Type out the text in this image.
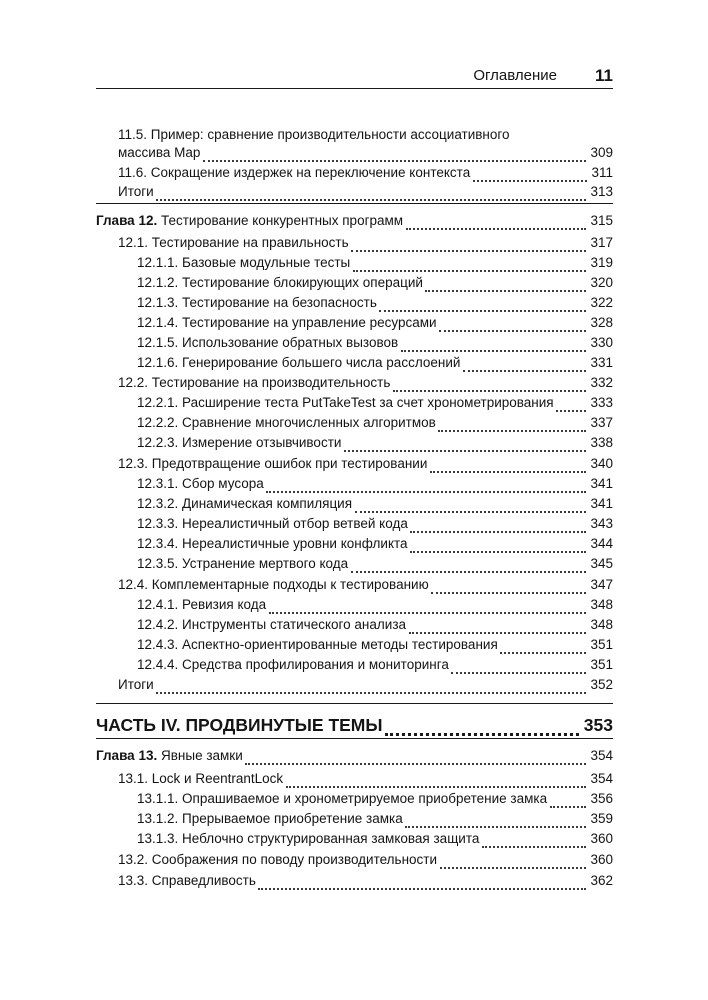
Оглавление 11
11.5. Пример: сравнение производительности ассоциативного
массива Map	309
11.6. Сокращение издержек на переключение контекста	311
Итоги	313
Глава 12. Тестирование конкурентных программ	315
12.1. Тестирование на правильность	317
12.1.1. Базовые модульные тесты	319
12.1.2. Тестирование блокирующих операций	320
12.1.3. Тестирование на безопасность	322
12.1.4. Тестирование на управление ресурсами	328
12.1.5. Использование обратных вызовов	330
12.1.6. Генерирование большего числа расслоений	331
12.2. Тестирование на производительность	332
12.2.1. Расширение теста PutTakeTest за счет хронометрирования	333
12.2.2. Сравнение многочисленных алгоритмов	337
12.2.3. Измерение отзывчивости	338
12.3. Предотвращение ошибок при тестировании	340
12.3.1. Сбор мусора	341
12.3.2. Динамическая компиляция	341
12.3.3. Нереалистичный отбор ветвей кода	343
12.3.4. Нереалистичные уровни конфликта	344
12.3.5. Устранение мертвого кода	345
12.4. Комплементарные подходы к тестированию	347
12.4.1. Ревизия кода	348
12.4.2. Инструменты статического анализа	348
12.4.3. Аспектно-ориентированные методы тестирования	351
12.4.4. Средства профилирования и мониторинга	351
Итоги	352
ЧАСТЬ IV. ПРОДВИНУТЫЕ ТЕМЫ	353
Глава 13. Явные замки	354
13.1. Lock и ReentrantLock	354
13.1.1. Опрашиваемое и хронометрируемое приобретение замка	356
13.1.2. Прерываемое приобретение замка	359
13.1.3. Неблочно структурированная замковая защита	360
13.2. Соображения по поводу производительности	360
13.3. Справедливость	362
